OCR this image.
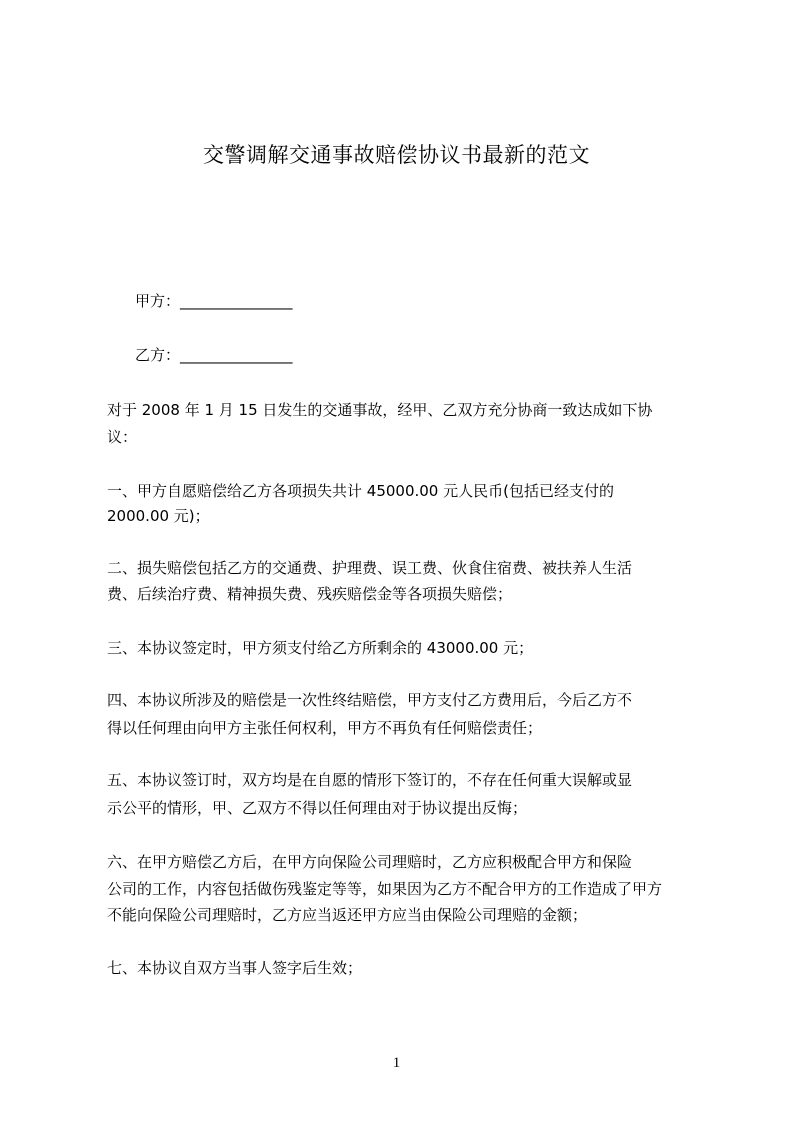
交警调解交通事故赔偿协议书最新的范文
甲方：_______________
乙方：_______________
对于 2008 年 1 月 15 日发生的交通事故，经甲、乙双方充分协商一致达成如下协
议：
一、甲方自愿赔偿给乙方各项损失共计 45000.00 元人民币(包括已经支付的
2000.00 元)；
二、损失赔偿包括乙方的交通费、护理费、误工费、伙食住宿费、被扶养人生活
费、后续治疗费、精神损失费、残疾赔偿金等各项损失赔偿；
三、本协议签定时，甲方须支付给乙方所剩余的 43000.00 元；
四、本协议所涉及的赔偿是一次性终结赔偿，甲方支付乙方费用后，今后乙方不
得以任何理由向甲方主张任何权利，甲方不再负有任何赔偿责任；
五、本协议签订时，双方均是在自愿的情形下签订的，不存在任何重大误解或显
示公平的情形，甲、乙双方不得以任何理由对于协议提出反悔；
六、在甲方赔偿乙方后，在甲方向保险公司理赔时，乙方应积极配合甲方和保险
公司的工作，内容包括做伤残鉴定等等，如果因为乙方不配合甲方的工作造成了甲方
不能向保险公司理赔时，乙方应当返还甲方应当由保险公司理赔的金额；
七、本协议自双方当事人签字后生效；
1
